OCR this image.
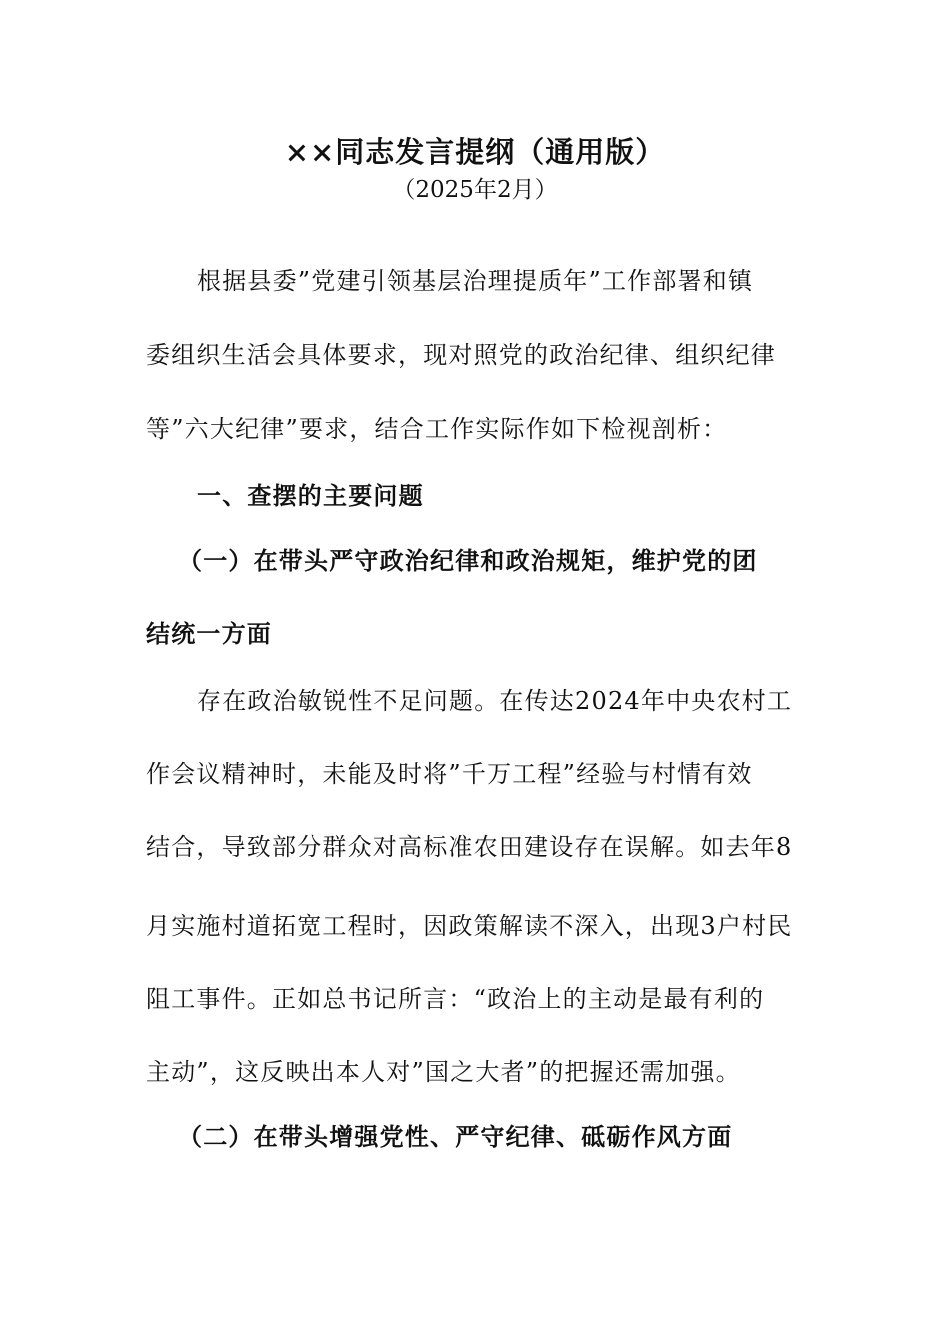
××同志发言提纲（通用版）
（2025年2月）
根据县委”党建引领基层治理提质年”工作部署和镇
委组织生活会具体要求，现对照党的政治纪律、组织纪律
等”六大纪律”要求，结合工作实际作如下检视剖析：
一、查摆的主要问题
（一）在带头严守政治纪律和政治规矩，维护党的团
结统一方面
存在政治敏锐性不足问题。在传达2024年中央农村工
作会议精神时，未能及时将”千万工程”经验与村情有效
结合，导致部分群众对高标准农田建设存在误解。如去年8
月实施村道拓宽工程时，因政策解读不深入，出现3户村民
阻工事件。正如总书记所言：“政治上的主动是最有利的
主动”，这反映出本人对”国之大者”的把握还需加强。
（二）在带头增强党性、严守纪律、砥砺作风方面
